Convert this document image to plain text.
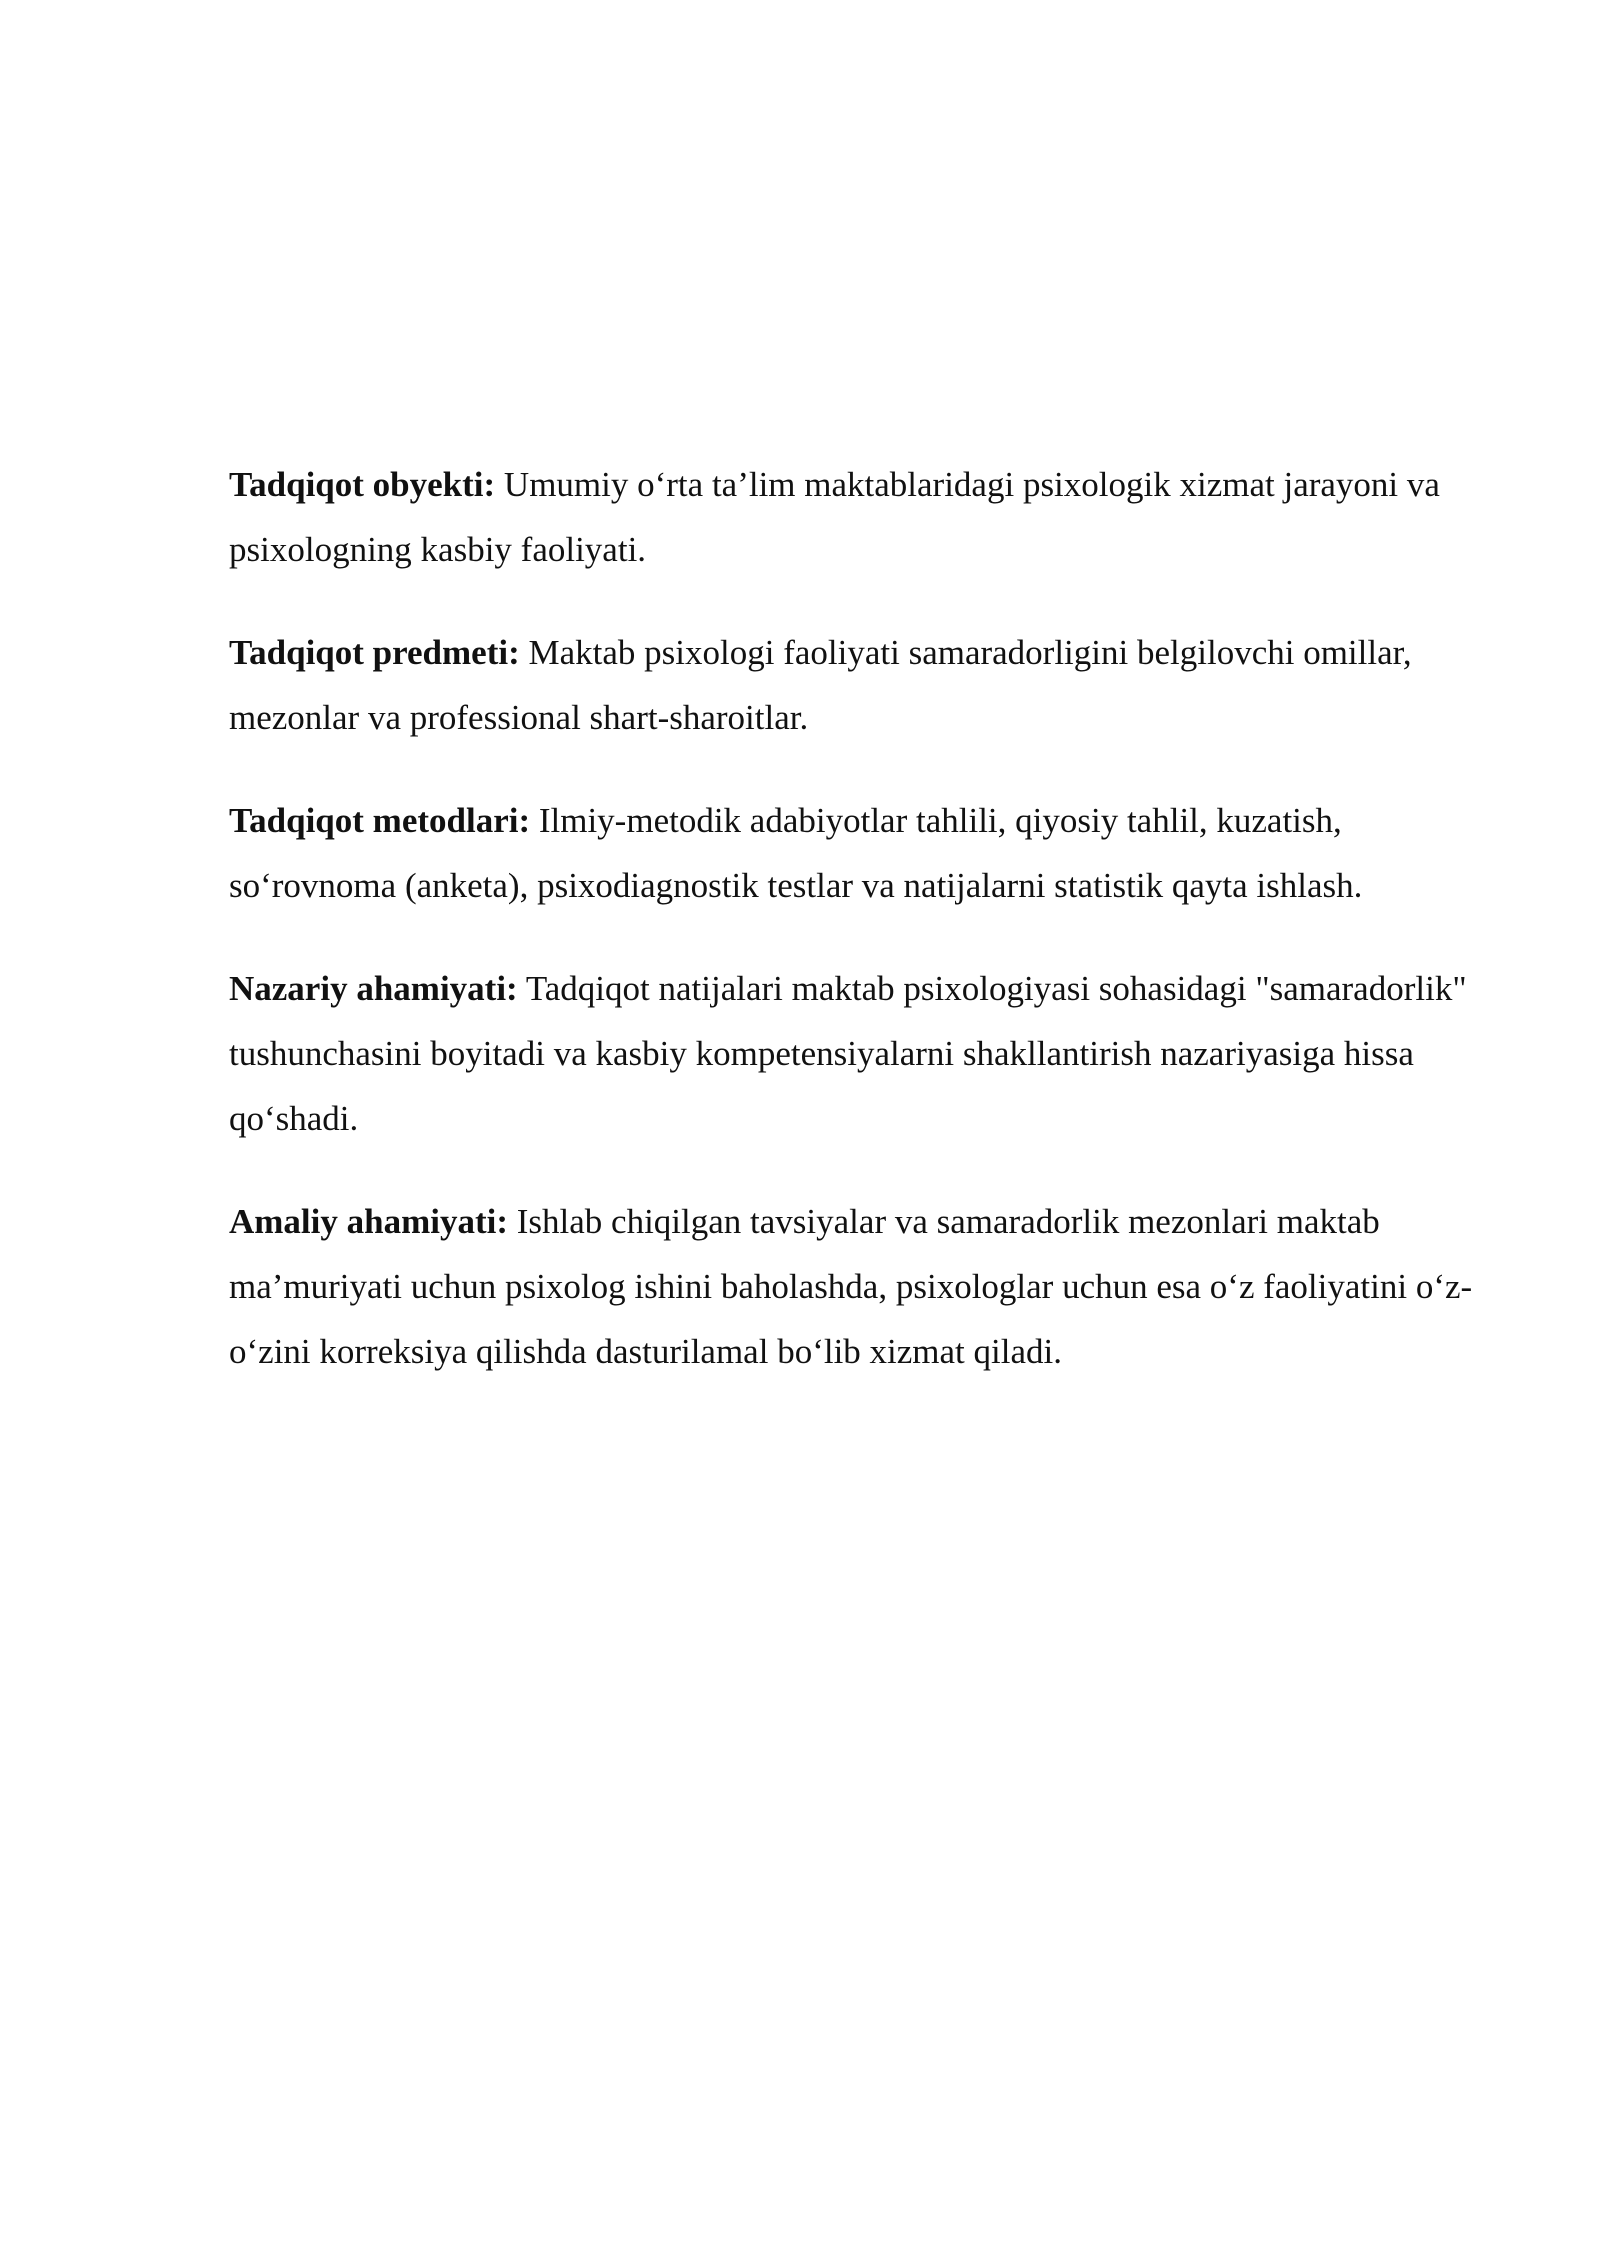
Tadqiqot obyekti: Umumiy o‘rta ta’lim maktablaridagi psixologik xizmat jarayoni va psixologning kasbiy faoliyati.

Tadqiqot predmeti: Maktab psixologi faoliyati samaradorligini belgilovchi omillar, mezonlar va professional shart-sharoitlar.

Tadqiqot metodlari: Ilmiy-metodik adabiyotlar tahlili, qiyosiy tahlil, kuzatish, so‘rovnoma (anketa), psixodiagnostik testlar va natijalarni statistik qayta ishlash.

Nazariy ahamiyati: Tadqiqot natijalari maktab psixologiyasi sohasidagi "samaradorlik" tushunchasini boyitadi va kasbiy kompetensiyalarni shakllantirish nazariyasiga hissa qo‘shadi.

Amaliy ahamiyati: Ishlab chiqilgan tavsiyalar va samaradorlik mezonlari maktab ma’muriyati uchun psixolog ishini baholashda, psixologlar uchun esa o‘z faoliyatini o‘z-o‘zini korreksiya qilishda dasturilamal bo‘lib xizmat qiladi.
